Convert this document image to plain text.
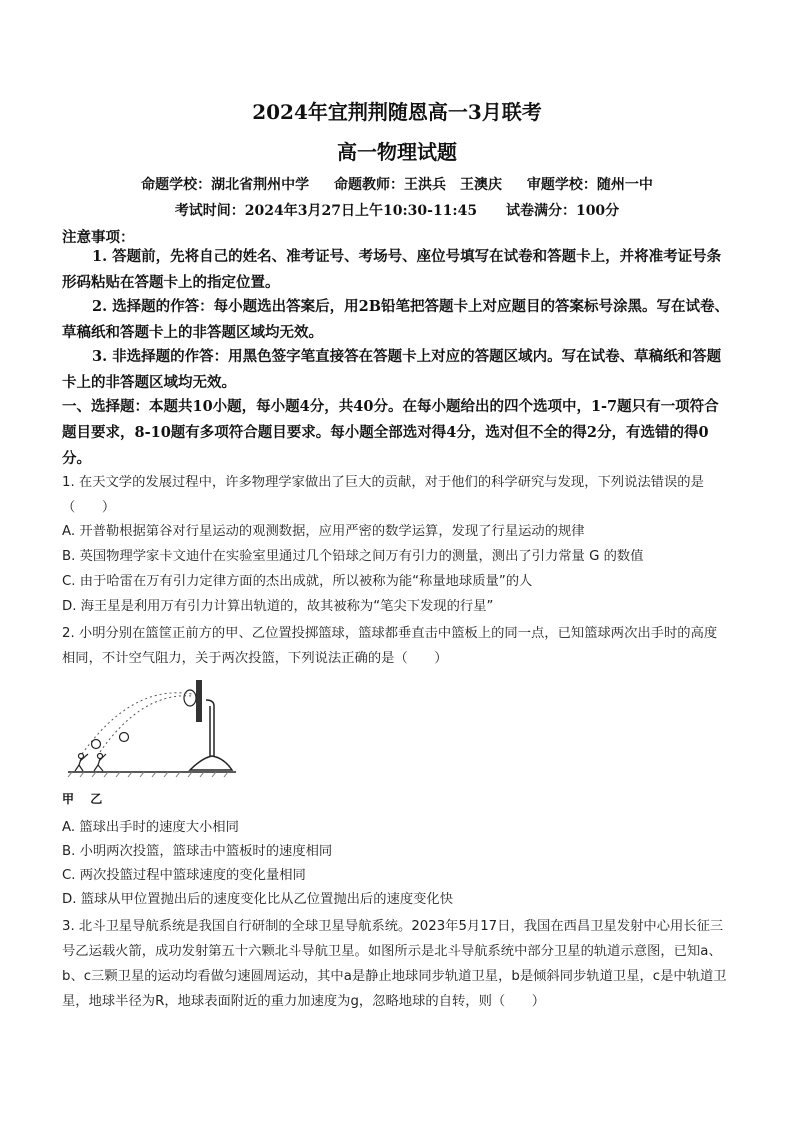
2024年宜荆荆随恩高一3月联考
高一物理试题
命题学校：湖北省荆州中学 命题教师：王洪兵　王澳庆 审题学校：随州一中
考试时间：2024年3月27日上午10:30-11:45 试卷满分：100分
注意事项：

1. 答题前，先将自己的姓名、准考证号、考场号、座位号填写在试卷和答题卡上，并将准考证号条形码粘贴在答题卡上的指定位置。

2. 选择题的作答：每小题选出答案后，用2B铅笔把答题卡上对应题目的答案标号涂黑。写在试卷、草稿纸和答题卡上的非答题区域均无效。

3. 非选择题的作答：用黑色签字笔直接答在答题卡上对应的答题区域内。写在试卷、草稿纸和答题卡上的非答题区域均无效。

一、选择题：本题共10小题，每小题4分，共40分。在每小题给出的四个选项中，1-7题只有一项符合题目要求，8-10题有多项符合题目要求。每小题全部选对得4分，选对但不全的得2分，有选错的得0分。

1. 在天文学的发展过程中，许多物理学家做出了巨大的贡献，对于他们的科学研究与发现，下列说法错误的是（　　）

A. 开普勒根据第谷对行星运动的观测数据，应用严密的数学运算，发现了行星运动的规律

B. 英国物理学家卡文迪什在实验室里通过几个铅球之间万有引力的测量，测出了引力常量 G 的数值

C. 由于哈雷在万有引力定律方面的杰出成就，所以被称为能“称量地球质量”的人

D. 海王星是利用万有引力计算出轨道的，故其被称为“笔尖下发现的行星”

2. 小明分别在篮筐正前方的甲、乙位置投掷篮球，篮球都垂直击中篮板上的同一点，已知篮球两次出手时的高度相同，不计空气阻力，关于两次投篮，下列说法正确的是（　　）

甲 乙

A. 篮球出手时的速度大小相同

B. 小明两次投篮，篮球击中篮板时的速度相同

C. 两次投篮过程中篮球速度的变化量相同

D. 篮球从甲位置抛出后的速度变化比从乙位置抛出后的速度变化快

3. 北斗卫星导航系统是我国自行研制的全球卫星导航系统。2023年5月17日，我国在西昌卫星发射中心用长征三号乙运载火箭，成功发射第五十六颗北斗导航卫星。如图所示是北斗导航系统中部分卫星的轨道示意图，已知a、b、c三颗卫星的运动均看做匀速圆周运动，其中a是静止地球同步轨道卫星，b是倾斜同步轨道卫星，c是中轨道卫星，地球半径为R，地球表面附近的重力加速度为g，忽略地球的自转，则（　　）
